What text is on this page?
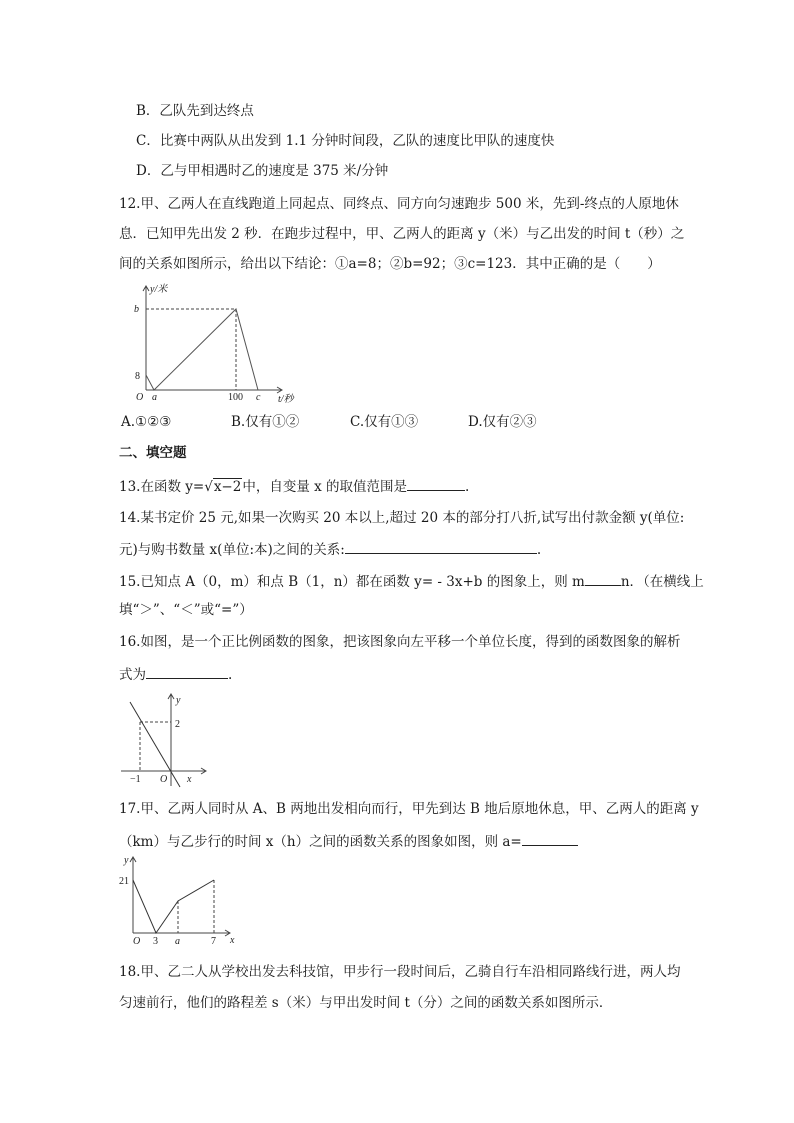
B．乙队先到达终点
C．比赛中两队从出发到 1.1 分钟时间段，乙队的速度比甲队的速度快
D．乙与甲相遇时乙的速度是 375 米/分钟
12.甲、乙两人在直线跑道上同起点、同终点、同方向匀速跑步 500 米，先到-终点的人原地休
息．已知甲先出发 2 秒．在跑步过程中，甲、乙两人的距离 y（米）与乙出发的时间 t（秒）之
间的关系如图所示，给出以下结论：①a=8；②b=92；③c=123．其中正确的是（　　）
y/米
b
8
O a	100 c t/秒
A.①②③	B.仅有①②	C.仅有①③	D.仅有②③
二、填空题
13.在函数 y=√x−2中，自变量 x 的取值范围是	.
14.某书定价 25 元,如果一次购买 20 本以上,超过 20 本的部分打八折,试写出付款金额 y(单位:
元)与购书数量 x(单位:本)之间的关系:	.
15.已知点 A（0，m）和点 B（1，n）都在函数 y= - 3x+b 的图象上，则 m	n．（在横线上
填“＞”、“＜”或“=”）
16.如图，是一个正比例函数的图象，把该图象向左平移一个单位长度，得到的函数图象的解析
式为	.
y
2
−1 O x
17.甲、乙两人同时从 A、B 两地出发相向而行，甲先到达 B 地后原地休息，甲、乙两人的距离 y
（km）与乙步行的时间 x（h）之间的函数关系的图象如图，则 a=
y
21
O 3 a	7 x
18.甲、乙二人从学校出发去科技馆，甲步行一段时间后，乙骑自行车沿相同路线行进，两人均
匀速前行，他们的路程差 s（米）与甲出发时间 t（分）之间的函数关系如图所示．
